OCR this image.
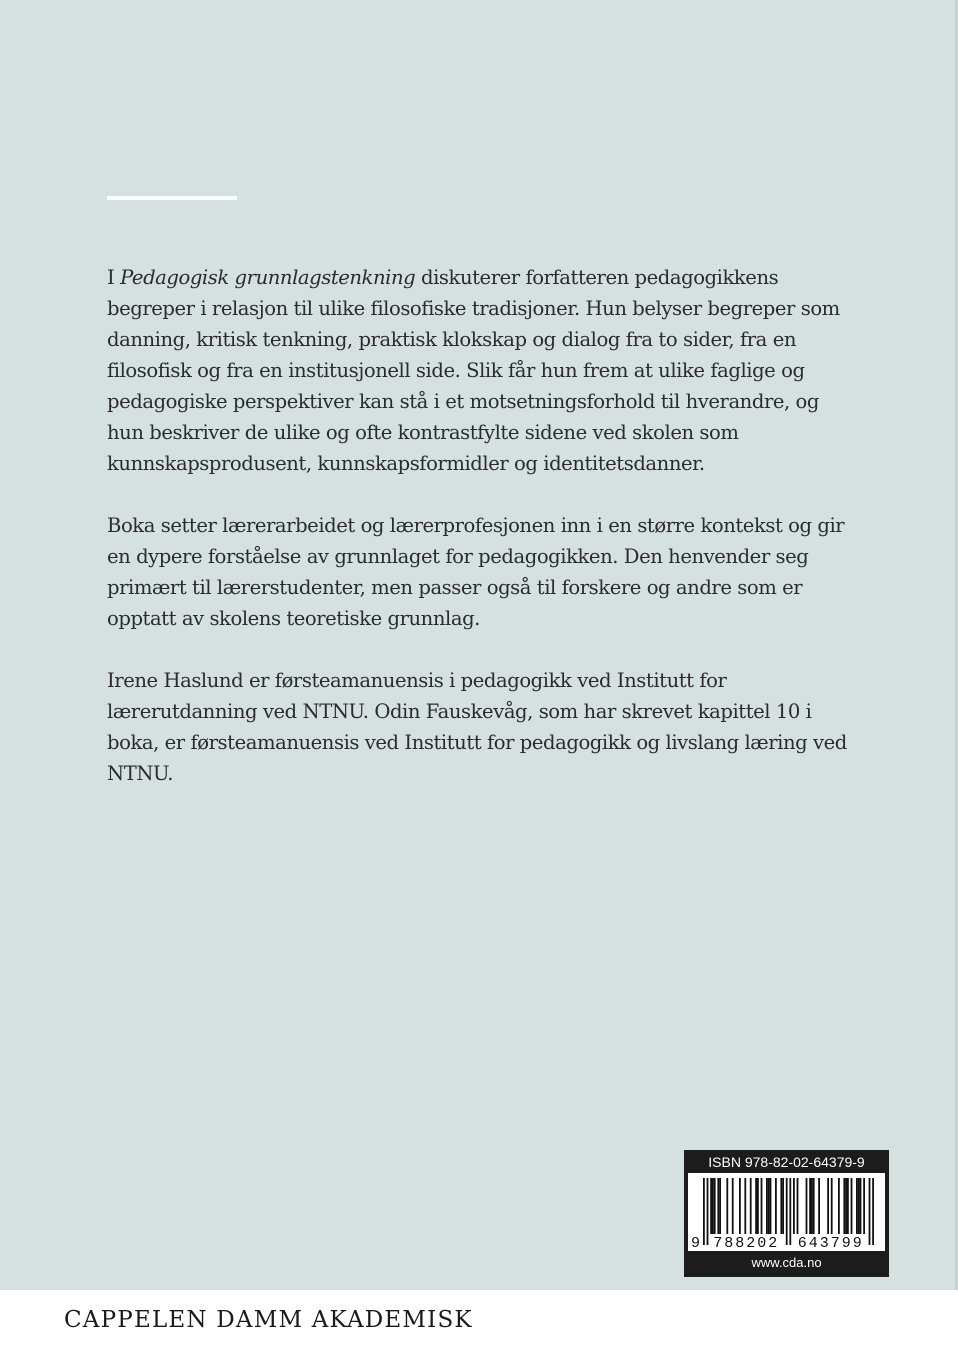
I Pedagogisk grunnlagstenkning diskuterer forfatteren pedagogikkens begreper i relasjon til ulike filosofiske tradisjoner. Hun belyser begreper som danning, kritisk tenkning, praktisk klokskap og dialog fra to sider, fra en filosofisk og fra en institusjonell side. Slik får hun frem at ulike faglige og pedagogiske perspektiver kan stå i et motsetningsforhold til hverandre, og hun beskriver de ulike og ofte kontrastfylte sidene ved skolen som kunnskapsprodusent, kunnskapsformidler og identitetsdanner.

Boka setter lærerarbeidet og lærerprofesjonen inn i en større kontekst og gir en dypere forståelse av grunnlaget for pedagogikken. Den henvender seg primært til lærerstudenter, men passer også til forskere og andre som er opptatt av skolens teoretiske grunnlag.

Irene Haslund er førsteamanuensis i pedagogikk ved Institutt for lærerutdanning ved NTNU. Odin Fauskevåg, som har skrevet kapittel 10 i boka, er førsteamanuensis ved Institutt for pedagogikk og livslang læring ved NTNU.

ISBN 978-82-02-64379-9
9 788202 643799
www.cda.no
CAPPELEN DAMM AKADEMISK
